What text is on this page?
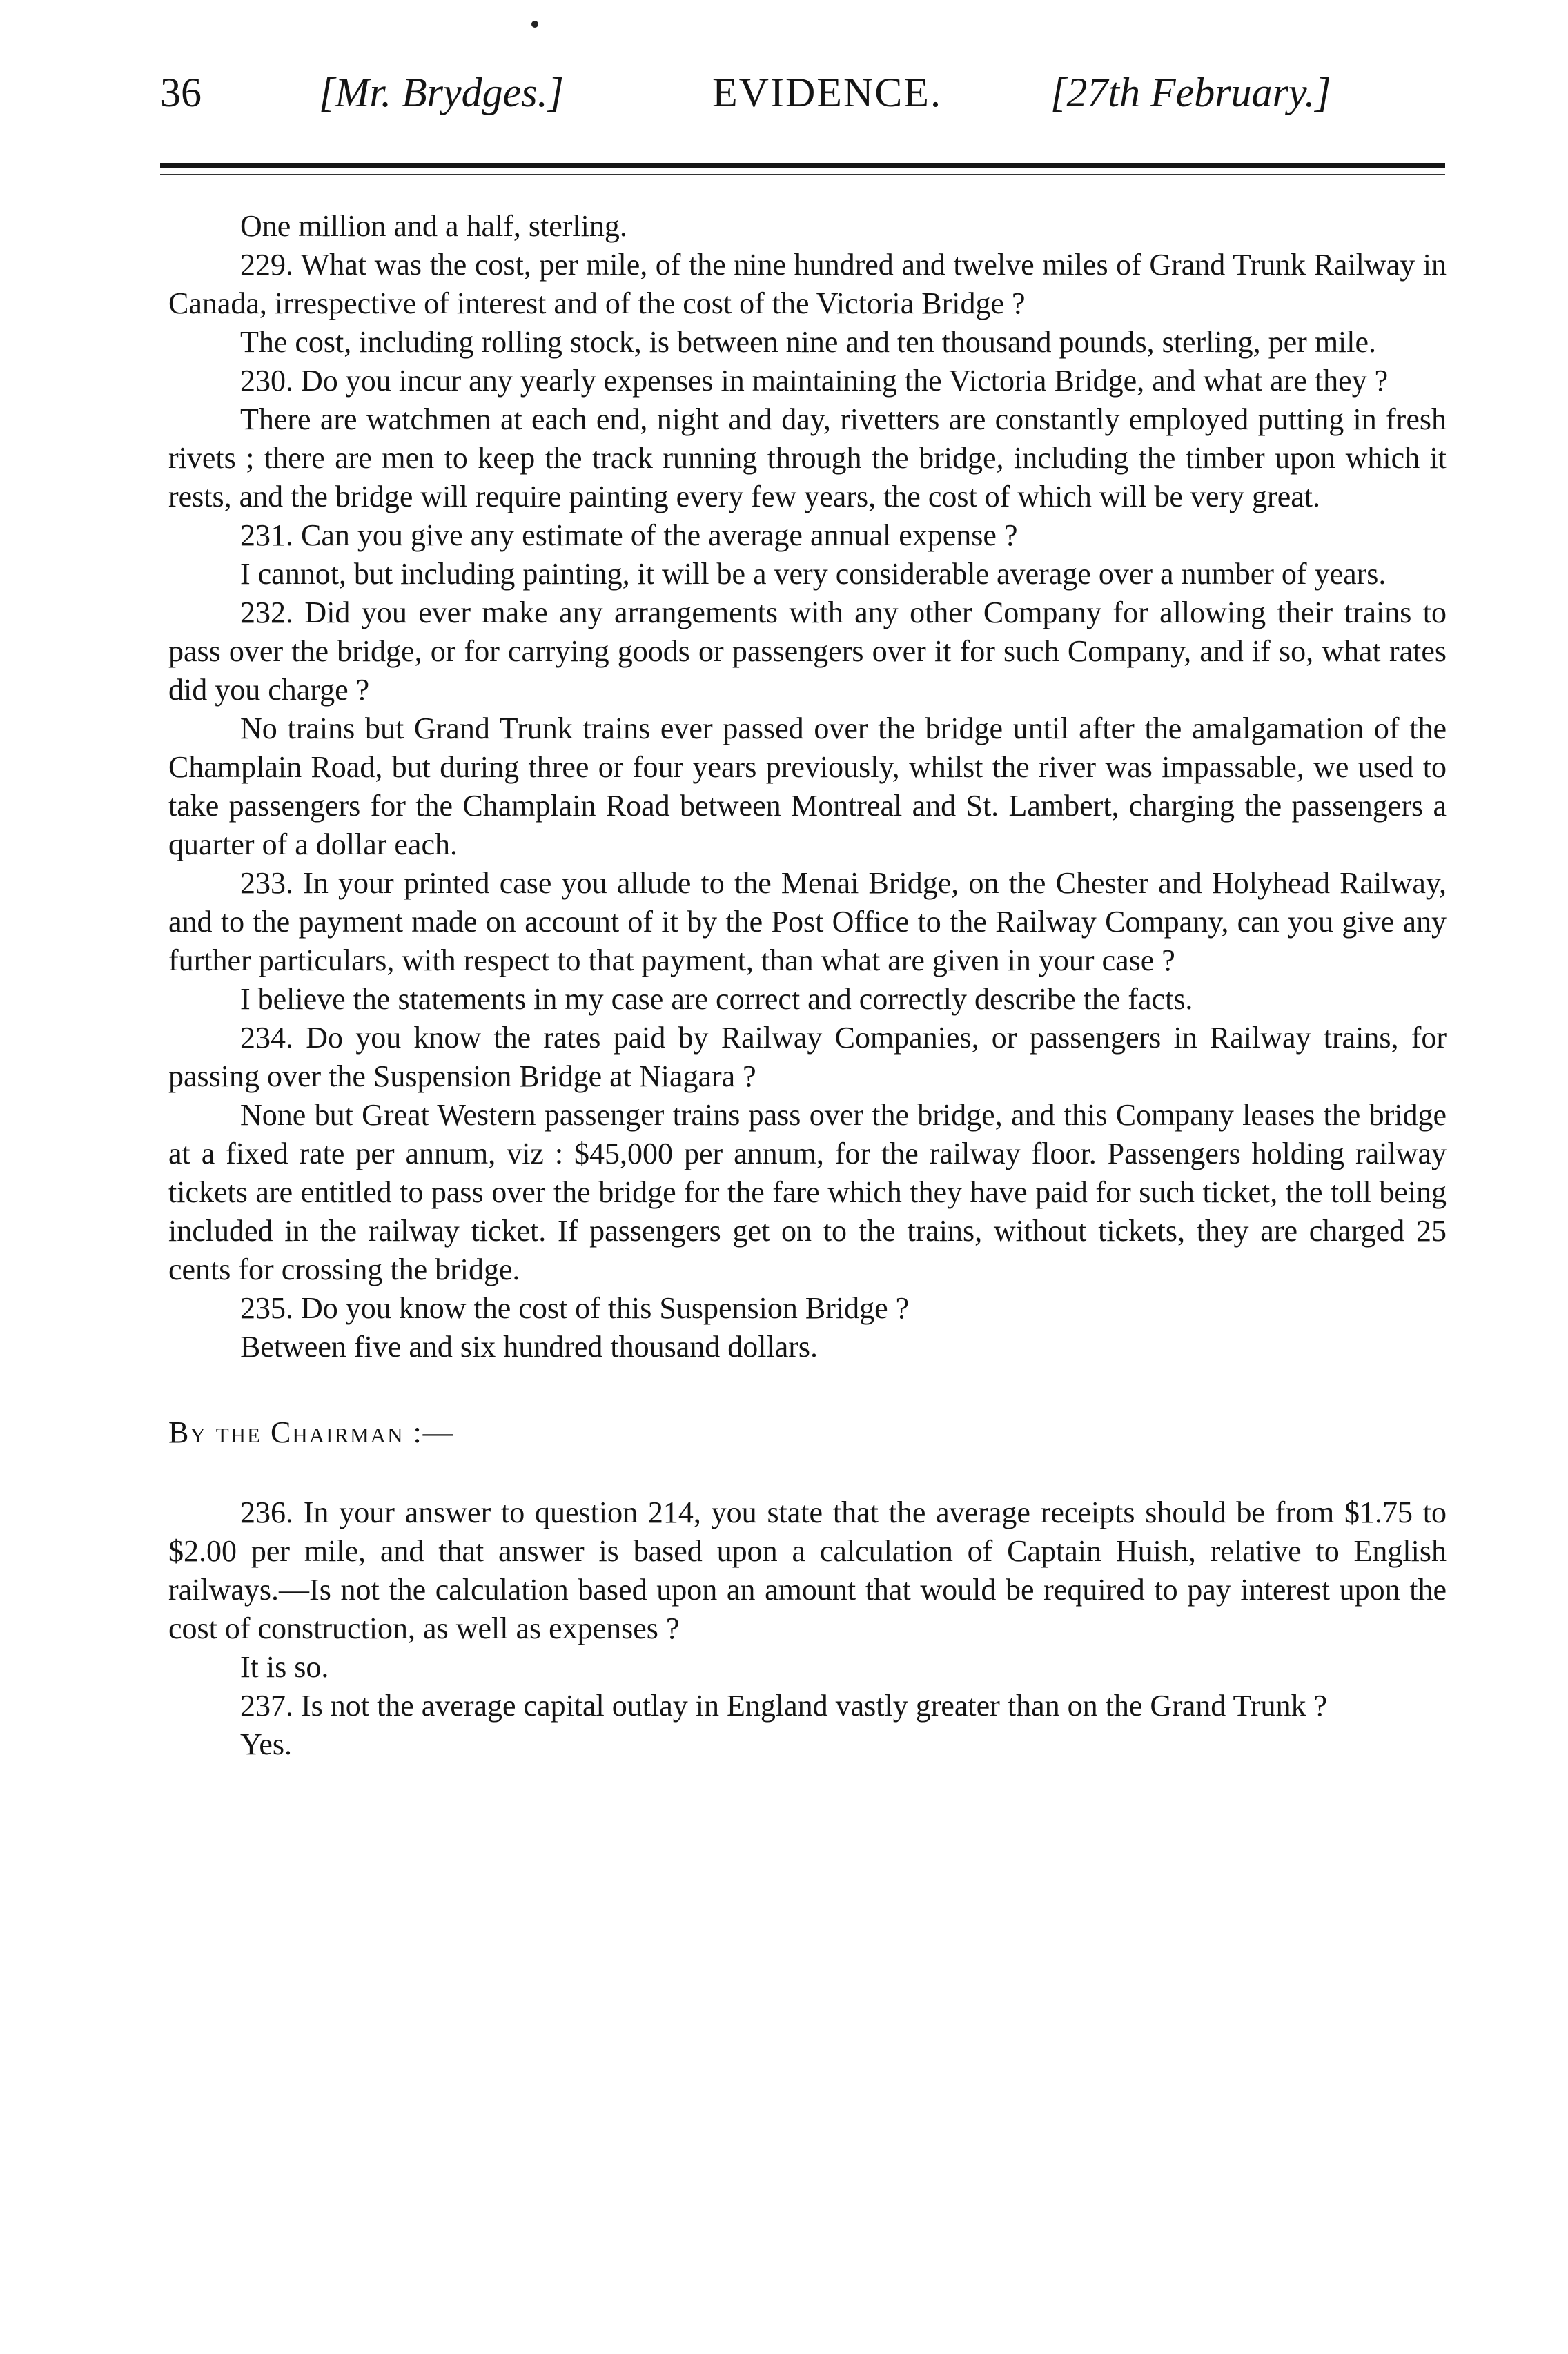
36	[Mr. Brydges.]	EVIDENCE.	[27th February.]

One million and a half, sterling.

229. What was the cost, per mile, of the nine hundred and twelve miles of Grand Trunk Railway in Canada, irrespective of interest and of the cost of the Victoria Bridge ?

The cost, including rolling stock, is between nine and ten thousand pounds, sterling, per mile.

230. Do you incur any yearly expenses in maintaining the Victoria Bridge, and what are they ?

There are watchmen at each end, night and day, rivetters are constantly employed putting in fresh rivets ; there are men to keep the track running through the bridge, including the timber upon which it rests, and the bridge will require painting every few years, the cost of which will be very great.

231. Can you give any estimate of the average annual expense ?

I cannot, but including painting, it will be a very considerable average over a number of years.

232. Did you ever make any arrangements with any other Company for allowing their trains to pass over the bridge, or for carrying goods or passengers over it for such Company, and if so, what rates did you charge ?

No trains but Grand Trunk trains ever passed over the bridge until after the amalgamation of the Champlain Road, but during three or four years previously, whilst the river was impassable, we used to take passengers for the Champlain Road between Montreal and St. Lambert, charging the passengers a quarter of a dollar each.

233. In your printed case you allude to the Menai Bridge, on the Chester and Holyhead Railway, and to the payment made on account of it by the Post Office to the Railway Company, can you give any further particulars, with respect to that payment, than what are given in your case ?

I believe the statements in my case are correct and correctly describe the facts.

234. Do you know the rates paid by Railway Companies, or passengers in Railway trains, for passing over the Suspension Bridge at Niagara ?

None but Great Western passenger trains pass over the bridge, and this Company leases the bridge at a fixed rate per annum, viz : $45,000 per annum, for the railway floor. Passengers holding railway tickets are entitled to pass over the bridge for the fare which they have paid for such ticket, the toll being included in the railway ticket. If passengers get on to the trains, without tickets, they are charged 25 cents for crossing the bridge.

235. Do you know the cost of this Suspension Bridge ?

Between five and six hundred thousand dollars.

By the Chairman :—

236. In your answer to question 214, you state that the average receipts should be from $1.75 to $2.00 per mile, and that answer is based upon a calculation of Captain Huish, relative to English railways.—Is not the calculation based upon an amount that would be required to pay interest upon the cost of construction, as well as expenses ?

It is so.

237. Is not the average capital outlay in England vastly greater than on the Grand Trunk ?

Yes.
